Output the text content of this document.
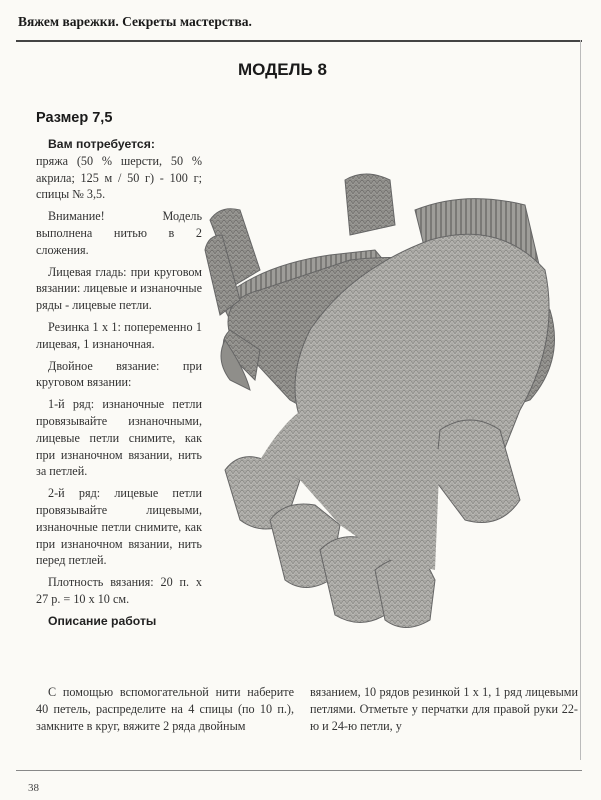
Вяжем варежки. Секреты мастерства.
МОДЕЛЬ 8
Размер 7,5

Вам потребуется:

пряжа (50 % шерсти, 50 % акрила; 125 м / 50 г) - 100 г; спицы № 3,5.

Внимание! Модель выполнена нитью в 2 сложения.

Лицевая гладь: при круговом вязании: лицевые и изнаночные ряды - лицевые петли.

Резинка 1 x 1: попеременно 1 лицевая, 1 изнаночная.

Двойное вязание: при круговом вязании:

1-й ряд: изнаночные петли провязывайте изнаночными, лицевые петли снимите, как при изнаночном вязании, нить за петлей.

2-й ряд: лицевые петли провязывайте лицевыми, изнаночные петли снимите, как при изнаночном вязании, нить перед петлей.

Плотность вязания: 20 п. x 27 р. = 10 x 10 см.

Описание работы

С помощью вспомогательной нити наберите 40 петель, распределите на 4 спицы (по 10 п.), замкните в круг, вяжите 2 ряда двойным

вязанием, 10 рядов резинкой 1 x 1, 1 ряд лицевыми петлями. Отметьте у перчатки для правой руки 22-ю и 24-ю петли, у

38
